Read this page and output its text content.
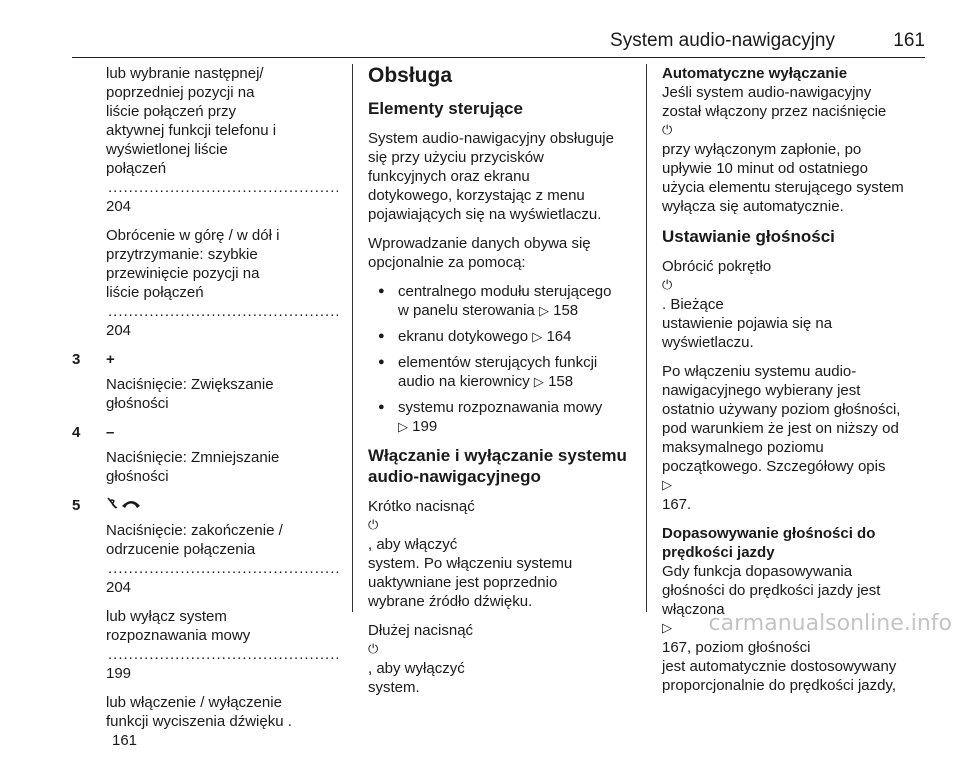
System audio-nawigacyjny	161

lub wybranie następnej/
poprzedniej pozycji na
liście połączeń przy
aktywnej funkcji telefonu i
wyświetlonej liście
połączeń
.....
204

Obrócenie w górę / w dół i
przytrzymanie: szybkie
przewinięcie pozycji na
liście połączeń
.....
204

3	+

Naciśnięcie: Zwiększanie
głośności

4	–

Naciśnięcie: Zmniejszanie
głośności

5

Naciśnięcie: zakończenie /
odrzucenie połączenia
.....
204

lub wyłącz system
rozpoznawania mowy
.....
199

lub włączenie / wyłączenie
funkcji wyciszenia dźwięku .
161

Obsługa
Elementy sterujące

System audio-nawigacyjny obsługuje
się przy użyciu przycisków
funkcyjnych oraz ekranu
dotykowego, korzystając z menu
pojawiających się na wyświetlaczu.

Wprowadzanie danych obywa się
opcjonalnie za pomocą:

● centralnego modułu sterującego
w panelu sterowania ▷ 158
● ekranu dotykowego ▷ 164
● elementów sterujących funkcji
audio na kierownicy ▷ 158
● systemu rozpoznawania mowy
▷ 199
Włączanie i wyłączanie systemu
audio-nawigacyjnego

Krótko nacisnąć
⏻
, aby włączyć
system. Po włączeniu systemu
uaktywniane jest poprzednio
wybrane źródło dźwięku.

Dłużej nacisnąć
⏻
, aby wyłączyć
system.

Automatyczne wyłączanie

Jeśli system audio-nawigacyjny
został włączony przez naciśnięcie
⏻
przy wyłączonym zapłonie, po
upływie 10 minut od ostatniego
użycia elementu sterującego system
wyłącza się automatycznie.

Ustawianie głośności

Obrócić pokrętło
⏻
. Bieżące
ustawienie pojawia się na
wyświetlaczu.

Po włączeniu systemu audio-
nawigacyjnego wybierany jest
ostatnio używany poziom głośności,
pod warunkiem że jest on niższy od
maksymalnego poziomu
początkowego. Szczegółowy opis
▷
167.

Dopasowywanie głośności do
prędkości jazdy

Gdy funkcja dopasowywania
głośności do prędkości jazdy jest
włączona
▷
167, poziom głośności
jest automatycznie dostosowywany
proporcjonalnie do prędkości jazdy,

carmanualsonline.info
